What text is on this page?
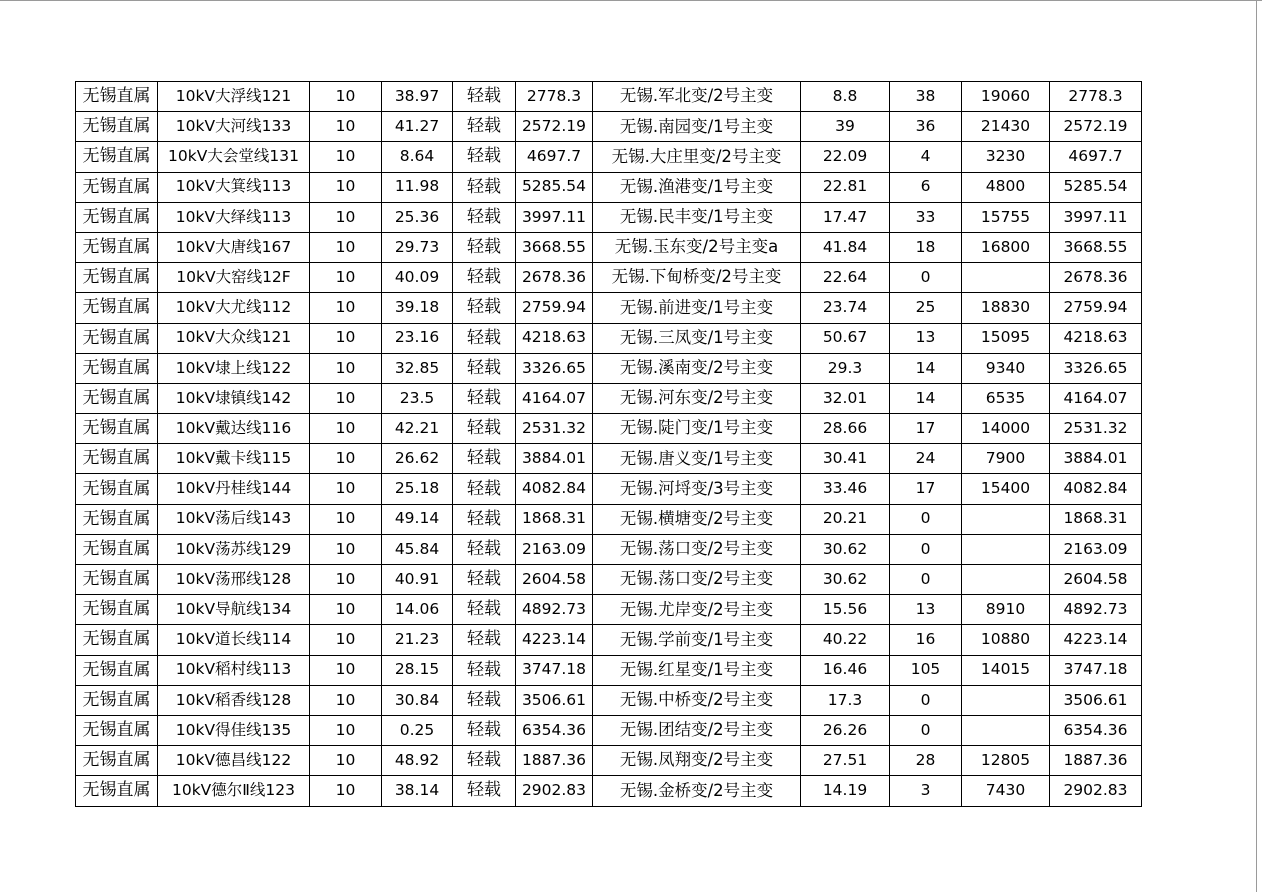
无锡直属	10kV大浮线121	10	38.97	轻载	2778.3	无锡.军北变/2号主变	8.8	38	19060	2778.3
无锡直属	10kV大河线133	10	41.27	轻载	2572.19	无锡.南园变/1号主变	39	36	21430	2572.19
无锡直属	10kV大会堂线131	10	8.64	轻载	4697.7	无锡.大庄里变/2号主变	22.09	4	3230	4697.7
无锡直属	10kV大箕线113	10	11.98	轻载	5285.54	无锡.渔港变/1号主变	22.81	6	4800	5285.54
无锡直属	10kV大绎线113	10	25.36	轻载	3997.11	无锡.民丰变/1号主变	17.47	33	15755	3997.11
无锡直属	10kV大唐线167	10	29.73	轻载	3668.55	无锡.玉东变/2号主变a	41.84	18	16800	3668.55
无锡直属	10kV大窑线12F	10	40.09	轻载	2678.36	无锡.下甸桥变/2号主变	22.64	0		2678.36
无锡直属	10kV大尤线112	10	39.18	轻载	2759.94	无锡.前进变/1号主变	23.74	25	18830	2759.94
无锡直属	10kV大众线121	10	23.16	轻载	4218.63	无锡.三凤变/1号主变	50.67	13	15095	4218.63
无锡直属	10kV埭上线122	10	32.85	轻载	3326.65	无锡.溪南变/2号主变	29.3	14	9340	3326.65
无锡直属	10kV埭镇线142	10	23.5	轻载	4164.07	无锡.河东变/2号主变	32.01	14	6535	4164.07
无锡直属	10kV戴达线116	10	42.21	轻载	2531.32	无锡.陡门变/1号主变	28.66	17	14000	2531.32
无锡直属	10kV戴卡线115	10	26.62	轻载	3884.01	无锡.唐义变/1号主变	30.41	24	7900	3884.01
无锡直属	10kV丹桂线144	10	25.18	轻载	4082.84	无锡.河埒变/3号主变	33.46	17	15400	4082.84
无锡直属	10kV荡后线143	10	49.14	轻载	1868.31	无锡.横塘变/2号主变	20.21	0		1868.31
无锡直属	10kV荡苏线129	10	45.84	轻载	2163.09	无锡.荡口变/2号主变	30.62	0		2163.09
无锡直属	10kV荡邢线128	10	40.91	轻载	2604.58	无锡.荡口变/2号主变	30.62	0		2604.58
无锡直属	10kV导航线134	10	14.06	轻载	4892.73	无锡.尤岸变/2号主变	15.56	13	8910	4892.73
无锡直属	10kV道长线114	10	21.23	轻载	4223.14	无锡.学前变/1号主变	40.22	16	10880	4223.14
无锡直属	10kV稻村线113	10	28.15	轻载	3747.18	无锡.红星变/1号主变	16.46	105	14015	3747.18
无锡直属	10kV稻香线128	10	30.84	轻载	3506.61	无锡.中桥变/2号主变	17.3	0		3506.61
无锡直属	10kV得佳线135	10	0.25	轻载	6354.36	无锡.团结变/2号主变	26.26	0		6354.36
无锡直属	10kV德昌线122	10	48.92	轻载	1887.36	无锡.凤翔变/2号主变	27.51	28	12805	1887.36
无锡直属	10kV德尔Ⅱ线123	10	38.14	轻载	2902.83	无锡.金桥变/2号主变	14.19	3	7430	2902.83
